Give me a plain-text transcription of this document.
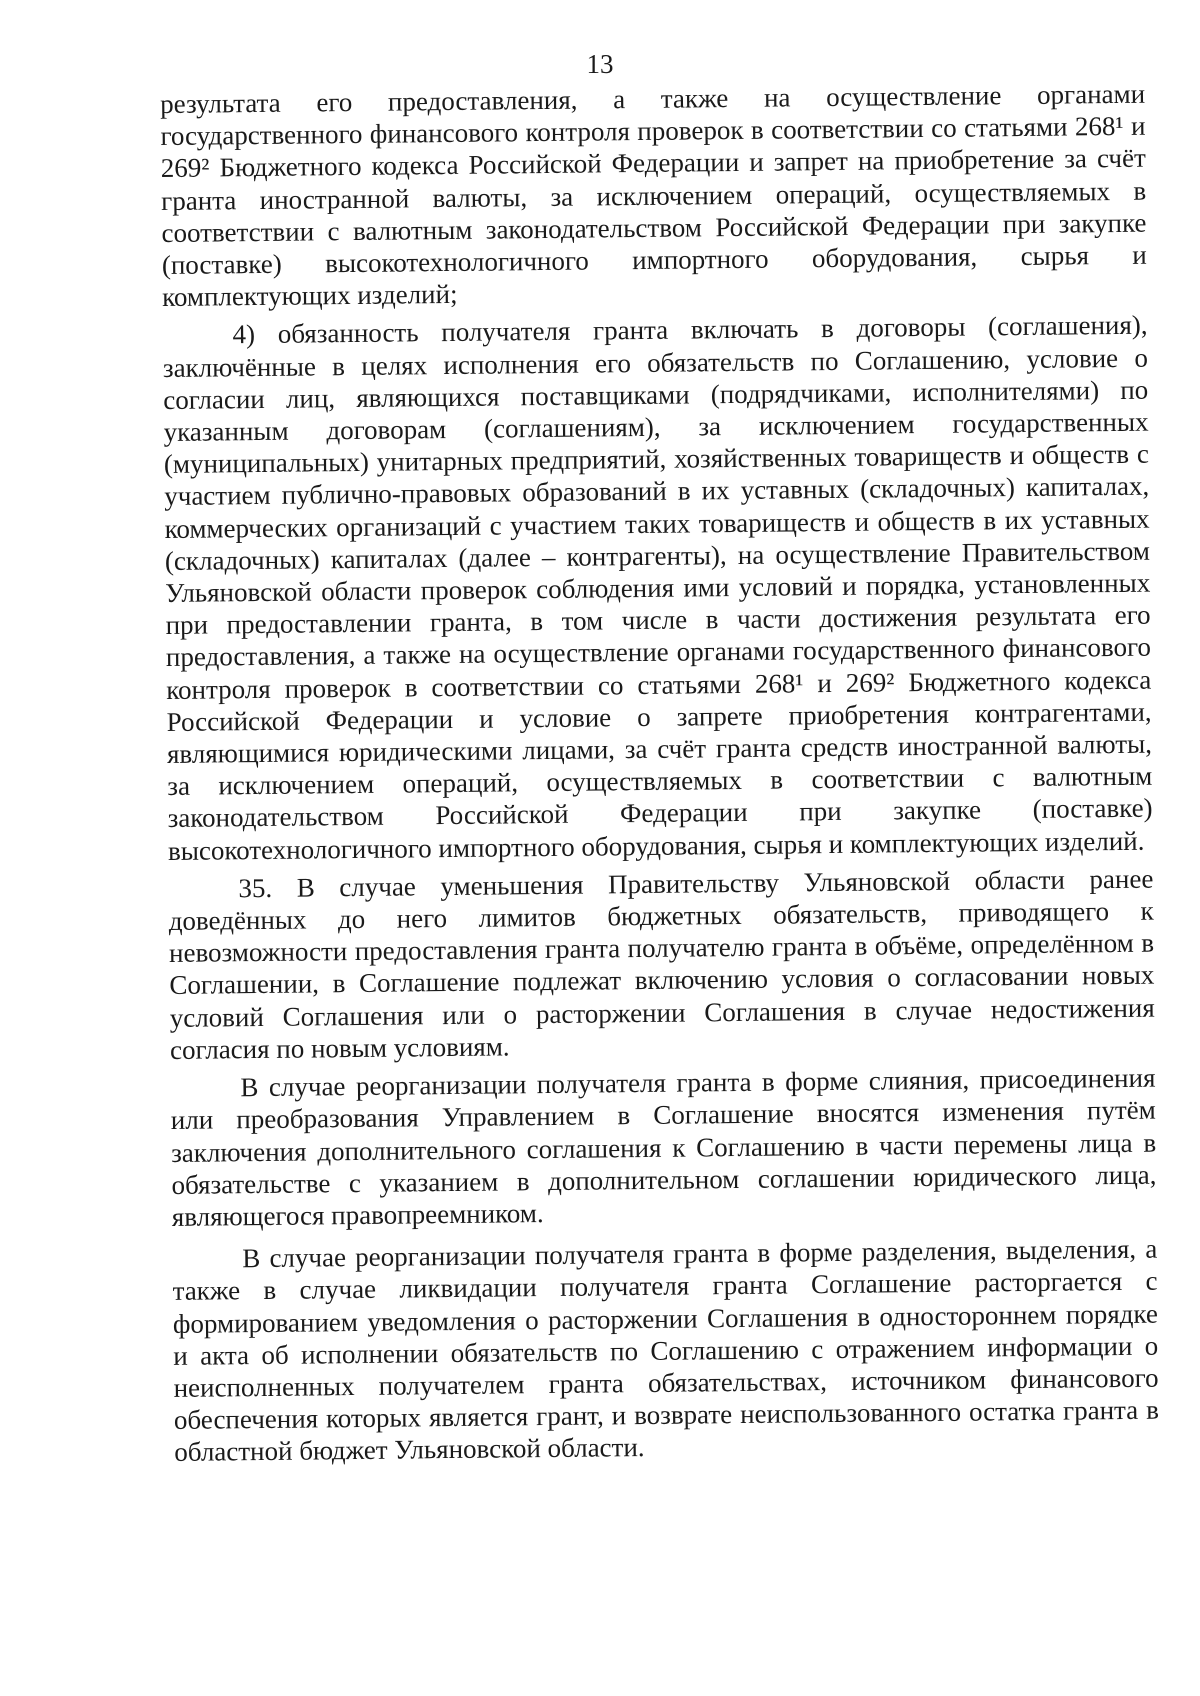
13

результата его предоставления, а также на осуществление органами государственного финансового контроля проверок в соответствии со статьями 268¹ и 269² Бюджетного кодекса Российской Федерации и запрет на приобретение за счёт гранта иностранной валюты, за исключением операций, осуществляемых в соответствии с валютным законодательством Российской Федерации при закупке (поставке) высокотехнологичного импортного оборудования, сырья и комплектующих изделий;

4) обязанность получателя гранта включать в договоры (соглашения), заключённые в целях исполнения его обязательств по Соглашению, условие о согласии лиц, являющихся поставщиками (подрядчиками, исполнителями) по указанным договорам (соглашениям), за исключением государственных (муниципальных) унитарных предприятий, хозяйственных товариществ и обществ с участием публично-правовых образований в их уставных (складочных) капиталах, коммерческих организаций с участием таких товариществ и обществ в их уставных (складочных) капиталах (далее – контрагенты), на осуществление Правительством Ульяновской области проверок соблюдения ими условий и порядка, установленных при предоставлении гранта, в том числе в части достижения результата его предоставления, а также на осуществление органами государственного финансового контроля проверок в соответствии со статьями 268¹ и 269² Бюджетного кодекса Российской Федерации и условие о запрете приобретения контрагентами, являющимися юридическими лицами, за счёт гранта средств иностранной валюты, за исключением операций, осуществляемых в соответствии с валютным законодательством Российской Федерации при закупке (поставке) высокотехнологичного импортного оборудования, сырья и комплектующих изделий.

35. В случае уменьшения Правительству Ульяновской области ранее доведённых до него лимитов бюджетных обязательств, приводящего к невозможности предоставления гранта получателю гранта в объёме, определённом в Соглашении, в Соглашение подлежат включению условия о согласовании новых условий Соглашения или о расторжении Соглашения в случае недостижения согласия по новым условиям.

В случае реорганизации получателя гранта в форме слияния, присоединения или преобразования Управлением в Соглашение вносятся изменения путём заключения дополнительного соглашения к Соглашению в части перемены лица в обязательстве с указанием в дополнительном соглашении юридического лица, являющегося правопреемником.

В случае реорганизации получателя гранта в форме разделения, выделения, а также в случае ликвидации получателя гранта Соглашение расторгается с формированием уведомления о расторжении Соглашения в одностороннем порядке и акта об исполнении обязательств по Соглашению с отражением информации о неисполненных получателем гранта обязательствах, источником финансового обеспечения которых является грант, и возврате неиспользованного остатка гранта в областной бюджет Ульяновской области.
